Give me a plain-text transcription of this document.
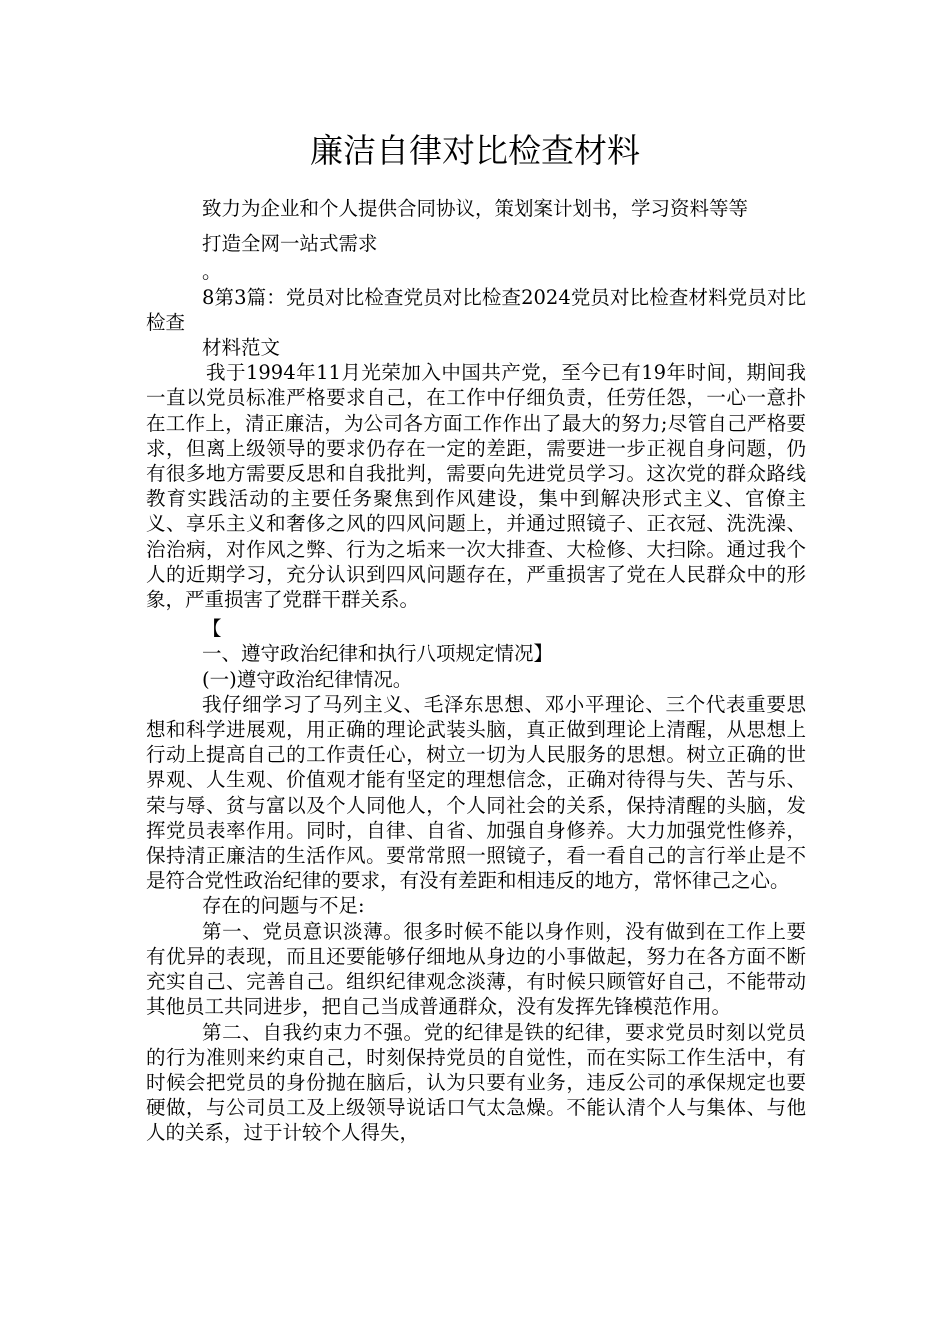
廉洁自律对比检查材料

致力为企业和个人提供合同协议，策划案计划书，学习资料等等

打造全网一站式需求

。

8第3篇：党员对比检查党员对比检查2024党员对比检查材料党员对比检查

材料范文

我于1994年11月光荣加入中国共产党，至今已有19年时间，期间我一直以党员标准严格要求自己，在工作中仔细负责，任劳任怨，一心一意扑在工作上，清正廉洁，为公司各方面工作作出了最大的努力;尽管自己严格要求，但离上级领导的要求仍存在一定的差距，需要进一步正视自身问题，仍有很多地方需要反思和自我批判，需要向先进党员学习。这次党的群众路线教育实践活动的主要任务聚焦到作风建设，集中到解决形式主义、官僚主义、享乐主义和奢侈之风的四风问题上，并通过照镜子、正衣冠、洗洗澡、治治病，对作风之弊、行为之垢来一次大排查、大检修、大扫除。通过我个人的近期学习，充分认识到四风问题存在，严重损害了党在人民群众中的形象，严重损害了党群干群关系。

【

一、遵守政治纪律和执行八项规定情况】

(一)遵守政治纪律情况。

我仔细学习了马列主义、毛泽东思想、邓小平理论、三个代表重要思想和科学进展观，用正确的理论武装头脑，真正做到理论上清醒，从思想上行动上提高自己的工作责任心，树立一切为人民服务的思想。树立正确的世界观、人生观、价值观才能有坚定的理想信念，正确对待得与失、苦与乐、荣与辱、贫与富以及个人同他人，个人同社会的关系，保持清醒的头脑，发挥党员表率作用。同时，自律、自省、加强自身修养。大力加强党性修养，保持清正廉洁的生活作风。要常常照一照镜子，看一看自己的言行举止是不是符合党性政治纪律的要求，有没有差距和相违反的地方，常怀律己之心。

存在的问题与不足:

第一、党员意识淡薄。很多时候不能以身作则，没有做到在工作上要有优异的表现，而且还要能够仔细地从身边的小事做起，努力在各方面不断充实自己、完善自己。组织纪律观念淡薄，有时候只顾管好自己，不能带动其他员工共同进步，把自己当成普通群众，没有发挥先锋模范作用。

第二、自我约束力不强。党的纪律是铁的纪律，要求党员时刻以党员的行为准则来约束自己，时刻保持党员的自觉性，而在实际工作生活中，有时候会把党员的身份抛在脑后，认为只要有业务，违反公司的承保规定也要硬做，与公司员工及上级领导说话口气太急燥。不能认清个人与集体、与他人的关系，过于计较个人得失，
